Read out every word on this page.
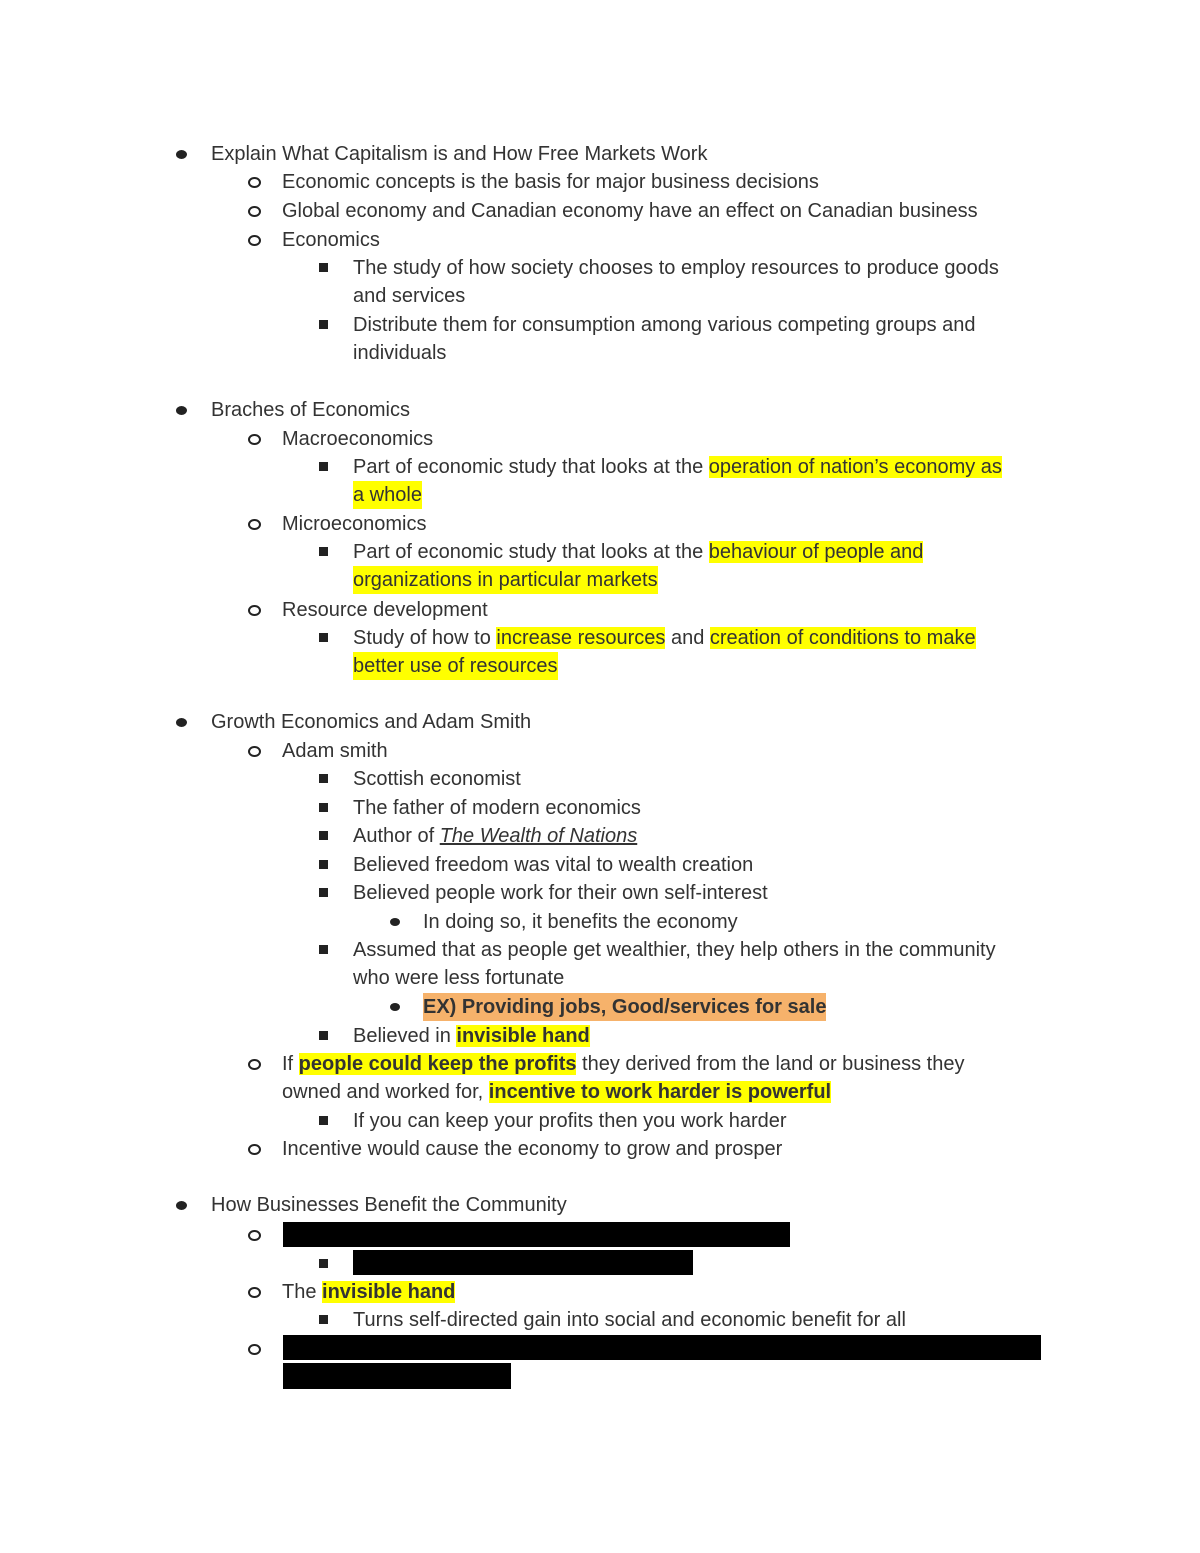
Explain What Capitalism is and How Free Markets Work
Economic concepts is the basis for major business decisions
Global economy and Canadian economy have an effect on Canadian business
Economics
The study of how society chooses to employ resources to produce goods
and services
Distribute them for consumption among various competing groups and
individuals
Braches of Economics
Macroeconomics
Part of economic study that looks at the operation of nation’s economy as
a whole
Microeconomics
Part of economic study that looks at the behaviour of people and
organizations in particular markets
Resource development
Study of how to increase resources and creation of conditions to make
better use of resources
Growth Economics and Adam Smith
Adam smith
Scottish economist
The father of modern economics
Author of The Wealth of Nations
Believed freedom was vital to wealth creation
Believed people work for their own self-interest
In doing so, it benefits the economy
Assumed that as people get wealthier, they help others in the community
who were less fortunate
EX) Providing jobs, Good/services for sale
Believed in invisible hand
If people could keep the profits they derived from the land or business they
owned and worked for, incentive to work harder is powerful
If you can keep your profits then you work harder
Incentive would cause the economy to grow and prosper
How Businesses Benefit the Community
The invisible hand
Turns self-directed gain into social and economic benefit for all
